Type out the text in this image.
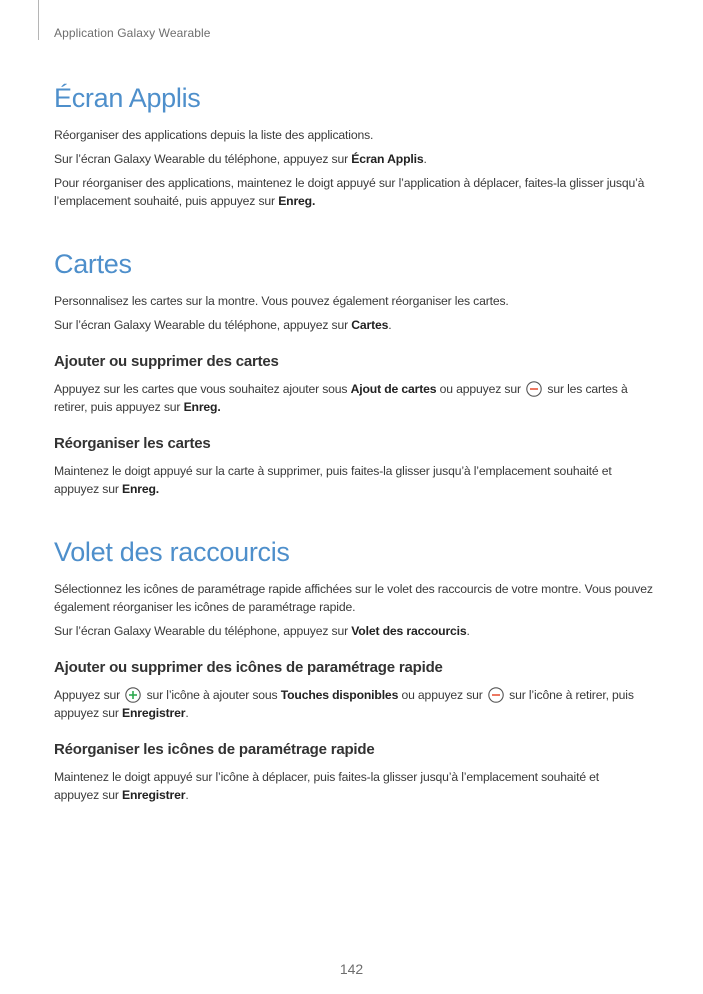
Application Galaxy Wearable
Écran Applis

Réorganiser des applications depuis la liste des applications.

Sur l’écran Galaxy Wearable du téléphone, appuyez sur Écran Applis.

Pour réorganiser des applications, maintenez le doigt appuyé sur l’application à déplacer, faites-la glisser jusqu’à l’emplacement souhaité, puis appuyez sur Enreg.

Cartes

Personnalisez les cartes sur la montre. Vous pouvez également réorganiser les cartes.

Sur l’écran Galaxy Wearable du téléphone, appuyez sur Cartes.

Ajouter ou supprimer des cartes

Appuyez sur les cartes que vous souhaitez ajouter sous Ajout de cartes ou appuyez sur
sur les cartes à retirer, puis appuyez sur Enreg.

Réorganiser les cartes

Maintenez le doigt appuyé sur la carte à supprimer, puis faites-la glisser jusqu’à l’emplacement souhaité et appuyez sur Enreg.

Volet des raccourcis

Sélectionnez les icônes de paramétrage rapide affichées sur le volet des raccourcis de votre montre. Vous pouvez également réorganiser les icônes de paramétrage rapide.

Sur l’écran Galaxy Wearable du téléphone, appuyez sur Volet des raccourcis.

Ajouter ou supprimer des icônes de paramétrage rapide

Appuyez sur
sur l’icône à ajouter sous Touches disponibles ou appuyez sur
sur l’icône à retirer, puis appuyez sur Enregistrer.

Réorganiser les icônes de paramétrage rapide

Maintenez le doigt appuyé sur l’icône à déplacer, puis faites-la glisser jusqu’à l’emplacement souhaité et appuyez sur Enregistrer.

142
